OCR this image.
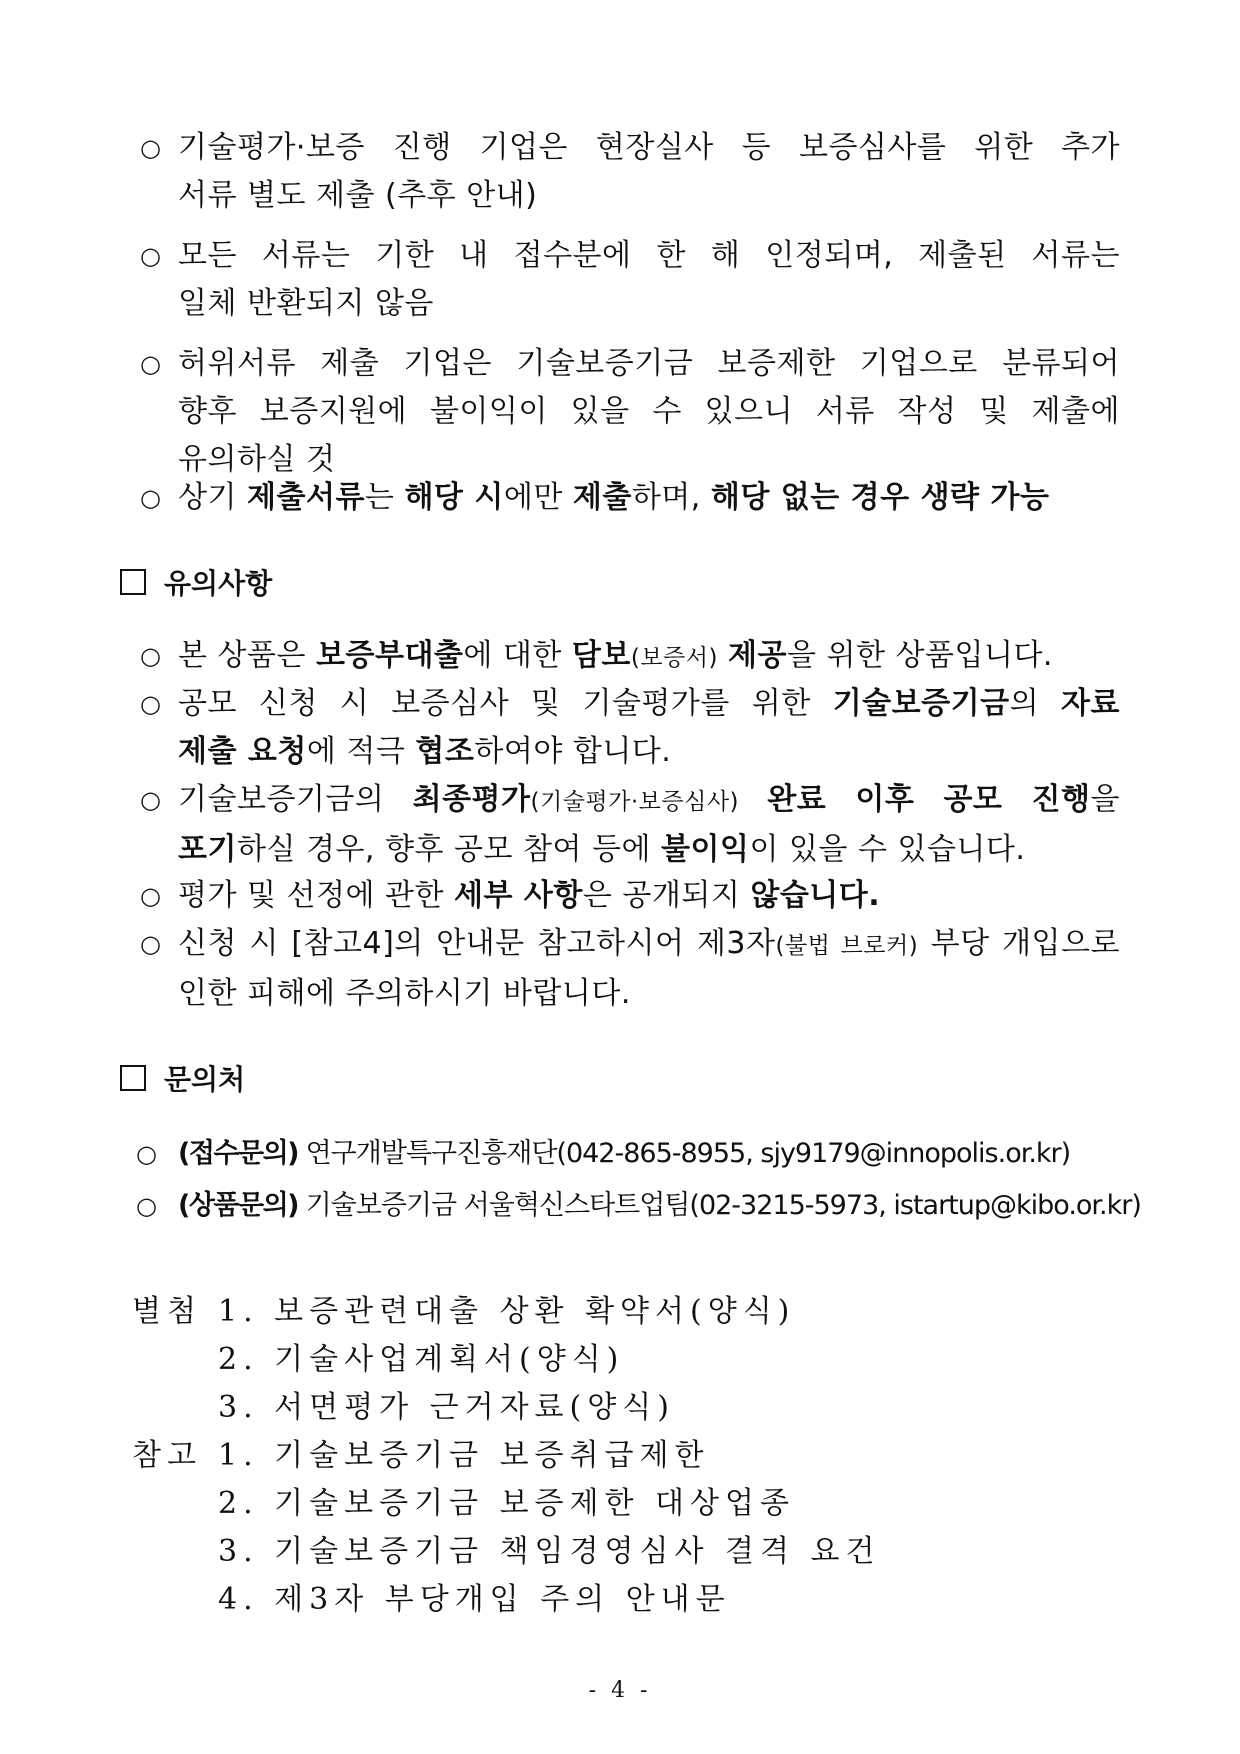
○ 기술평가·보증 진행 기업은 현장실사 등 보증심사를 위한 추가
서류 별도 제출 (추후 안내)
○ 모든 서류는 기한 내 접수분에 한 해 인정되며, 제출된 서류는
일체 반환되지 않음
○ 허위서류 제출 기업은 기술보증기금 보증제한 기업으로 분류되어
향후 보증지원에 불이익이 있을 수 있으니 서류 작성 및 제출에
유의하실 것
○ 상기 제출서류는 해당 시에만 제출하며, 해당 없는 경우 생략 가능
유의사항
○ 본 상품은 보증부대출에 대한 담보(보증서) 제공을 위한 상품입니다.
○ 공모 신청 시 보증심사 및 기술평가를 위한 기술보증기금의 자료
제출 요청에 적극 협조하여야 합니다.
○ 기술보증기금의 최종평가(기술평가·보증심사) 완료 이후 공모 진행을
포기하실 경우, 향후 공모 참여 등에 불이익이 있을 수 있습니다.
○ 평가 및 선정에 관한 세부 사항은 공개되지 않습니다.
○ 신청 시 [참고4]의 안내문 참고하시어 제3자(불법 브로커) 부당 개입으로
인한 피해에 주의하시기 바랍니다.
문의처
○ (접수문의) 연구개발특구진흥재단(042-865-8955, sjy9179@innopolis.or.kr)
○ (상품문의) 기술보증기금 서울혁신스타트업팀(02-3215-5973, istartup@kibo.or.kr)
별첨 1. 보증관련대출 상환 확약서(양식)
2. 기술사업계획서(양식)
3. 서면평가 근거자료(양식)
참고 1. 기술보증기금 보증취급제한
2. 기술보증기금 보증제한 대상업종
3. 기술보증기금 책임경영심사 결격 요건
4. 제3자 부당개입 주의 안내문
- 4 -
